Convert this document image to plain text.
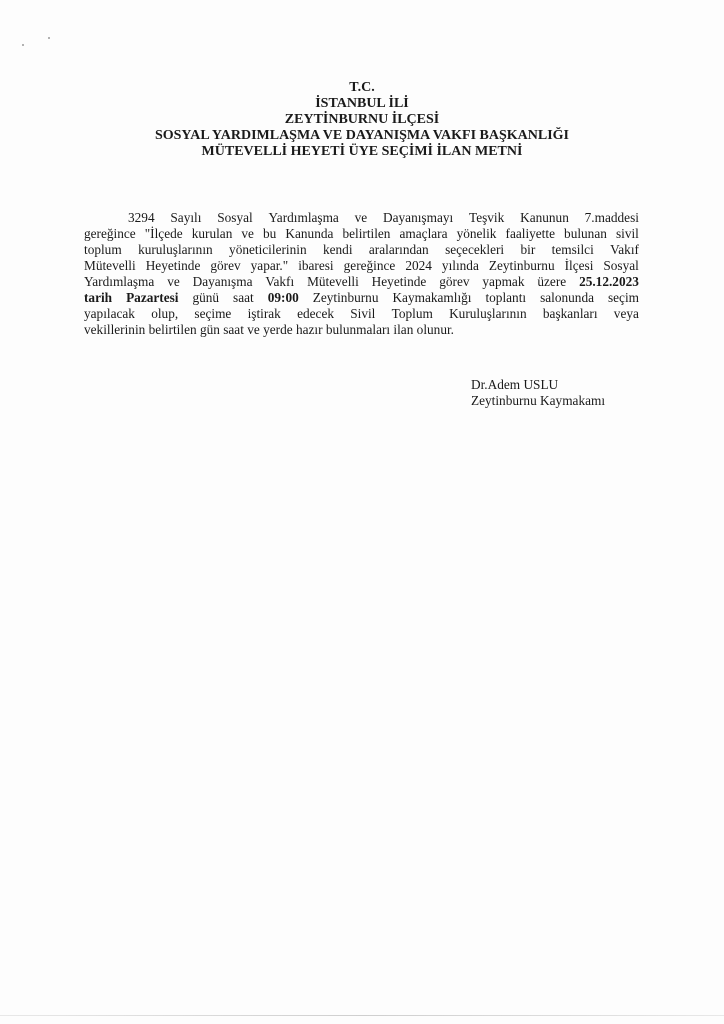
T.C.
İSTANBUL İLİ
ZEYTİNBURNU İLÇESİ
SOSYAL YARDIMLAŞMA VE DAYANIŞMA VAKFI BAŞKANLIĞI
MÜTEVELLİ HEYETİ ÜYE SEÇİMİ İLAN METNİ
3294 Sayılı Sosyal Yardımlaşma ve Dayanışmayı Teşvik Kanunun 7.maddesi
gereğince "İlçede kurulan ve bu Kanunda belirtilen amaçlara yönelik faaliyette bulunan sivil
toplum kuruluşlarının yöneticilerinin kendi aralarından seçecekleri bir temsilci Vakıf
Mütevelli Heyetinde görev yapar." ibaresi gereğince 2024 yılında Zeytinburnu İlçesi Sosyal
Yardımlaşma ve Dayanışma Vakfı Mütevelli Heyetinde görev yapmak üzere 25.12.2023
tarih Pazartesi günü saat 09:00 Zeytinburnu Kaymakamlığı toplantı salonunda seçim
yapılacak olup, seçime iştirak edecek Sivil Toplum Kuruluşlarının başkanları veya
vekillerinin belirtilen gün saat ve yerde hazır bulunmaları ilan olunur.
Dr.Adem USLU
Zeytinburnu Kaymakamı
